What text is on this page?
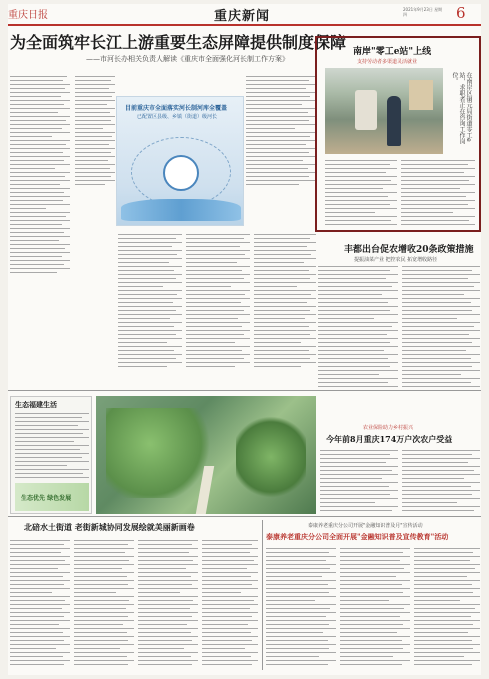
重庆日报	重庆新闻	2021年9月23日 星期四	6
为全面筑牢长江上游重要生态屏障提供制度保障
——市河长办相关负责人解读《重庆市全面强化河长制工作方案》
目前重庆市全面落实河长制河库全覆盖
已配置区县级、乡镇（街道）级河长
南岸"零工e站"上线
支持劳动者多渠道灵活就业
在南岸区铜元局街道零工e站，求职者正在咨询工作岗位。
丰都出台促农增收20条政策措施
提振油菜产业 把控农民 拓宽增收路径
生态福建生活
生态优先 绿色发展
农业保险助力乡村振兴
今年前8月重庆174万户次农户受益
北碚水土街道 老街新城协同发展绘就美丽新画卷	泰康养老重庆分公司开展"金融知识普及月"宣传活动
泰康养老重庆分公司全面开展"金融知识普及宣传教育"活动
